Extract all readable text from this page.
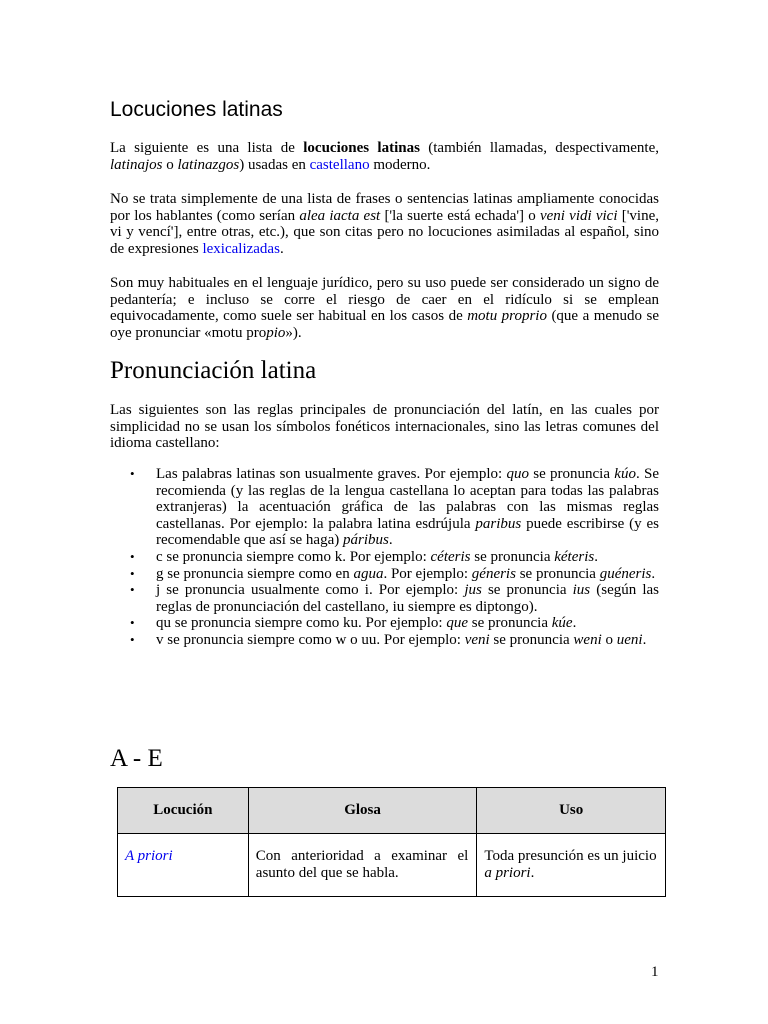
Locuciones latinas

La siguiente es una lista de locuciones latinas (también llamadas, despectivamente, latinajos o latinazgos) usadas en castellano moderno.

No se trata simplemente de una lista de frases o sentencias latinas ampliamente conocidas por los hablantes (como serían alea iacta est ['la suerte está echada'] o veni vidi vici ['vine, vi y vencí'], entre otras, etc.), que son citas pero no locuciones asimiladas al español, sino de expresiones lexicalizadas.

Son muy habituales en el lenguaje jurídico, pero su uso puede ser considerado un signo de pedantería; e incluso se corre el riesgo de caer en el ridículo si se emplean equivocadamente, como suele ser habitual en los casos de motu proprio (que a menudo se oye pronunciar «motu propio»).

Pronunciación latina

Las siguientes son las reglas principales de pronunciación del latín, en las cuales por simplicidad no se usan los símbolos fonéticos internacionales, sino las letras comunes del idioma castellano:

• Las palabras latinas son usualmente graves. Por ejemplo: quo se pronuncia kúo. Se recomienda (y las reglas de la lengua castellana lo aceptan para todas las palabras extranjeras) la acentuación gráfica de las palabras con las mismas reglas castellanas. Por ejemplo: la palabra latina esdrújula paribus puede escribirse (y es recomendable que así se haga) páribus.
• c se pronuncia siempre como k. Por ejemplo: céteris se pronuncia kéteris.
• g se pronuncia siempre como en agua. Por ejemplo: géneris se pronuncia guéneris.
• j se pronuncia usualmente como i. Por ejemplo: jus se pronuncia ius (según las reglas de pronunciación del castellano, iu siempre es diptongo).
• qu se pronuncia siempre como ku. Por ejemplo: que se pronuncia kúe.
• v se pronuncia siempre como w o uu. Por ejemplo: veni se pronuncia weni o ueni.
A - E
Locución	Glosa	Uso
A priori	Con anterioridad a examinar el asunto del que se habla.	Toda presunción es un juicio a priori.
1
